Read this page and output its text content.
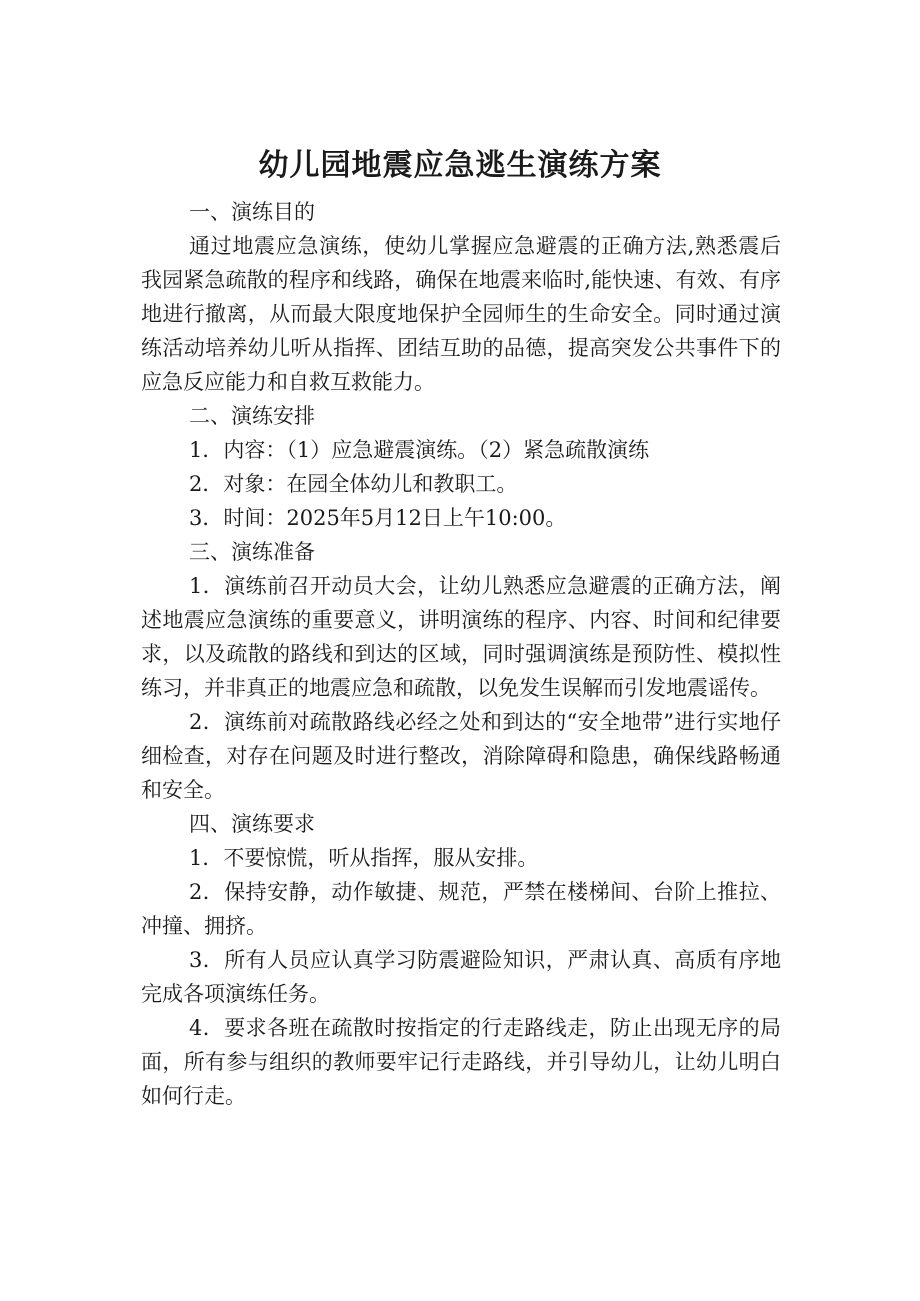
幼儿园地震应急逃生演练方案

一、演练目的

通过地震应急演练，使幼儿掌握应急避震的正确方法,熟悉震后我园紧急疏散的程序和线路，确保在地震来临时,能快速、有效、有序地进行撤离，从而最大限度地保护全园师生的生命安全。同时通过演练活动培养幼儿听从指挥、团结互助的品德，提高突发公共事件下的应急反应能力和自救互救能力。

二、演练安排

1．内容：（1）应急避震演练。（2）紧急疏散演练

2．对象：在园全体幼儿和教职工。

3．时间：2025年5月12日上午10:00。

三、演练准备

1．演练前召开动员大会，让幼儿熟悉应急避震的正确方法，阐述地震应急演练的重要意义，讲明演练的程序、内容、时间和纪律要求，以及疏散的路线和到达的区域，同时强调演练是预防性、模拟性练习，并非真正的地震应急和疏散，以免发生误解而引发地震谣传。

2．演练前对疏散路线必经之处和到达的“安全地带”进行实地仔细检查，对存在问题及时进行整改，消除障碍和隐患，确保线路畅通和安全。

四、演练要求

1．不要惊慌，听从指挥，服从安排。

2．保持安静，动作敏捷、规范，严禁在楼梯间、台阶上推拉、冲撞、拥挤。

3．所有人员应认真学习防震避险知识，严肃认真、高质有序地完成各项演练任务。

4．要求各班在疏散时按指定的行走路线走，防止出现无序的局面，所有参与组织的教师要牢记行走路线，并引导幼儿，让幼儿明白如何行走。
